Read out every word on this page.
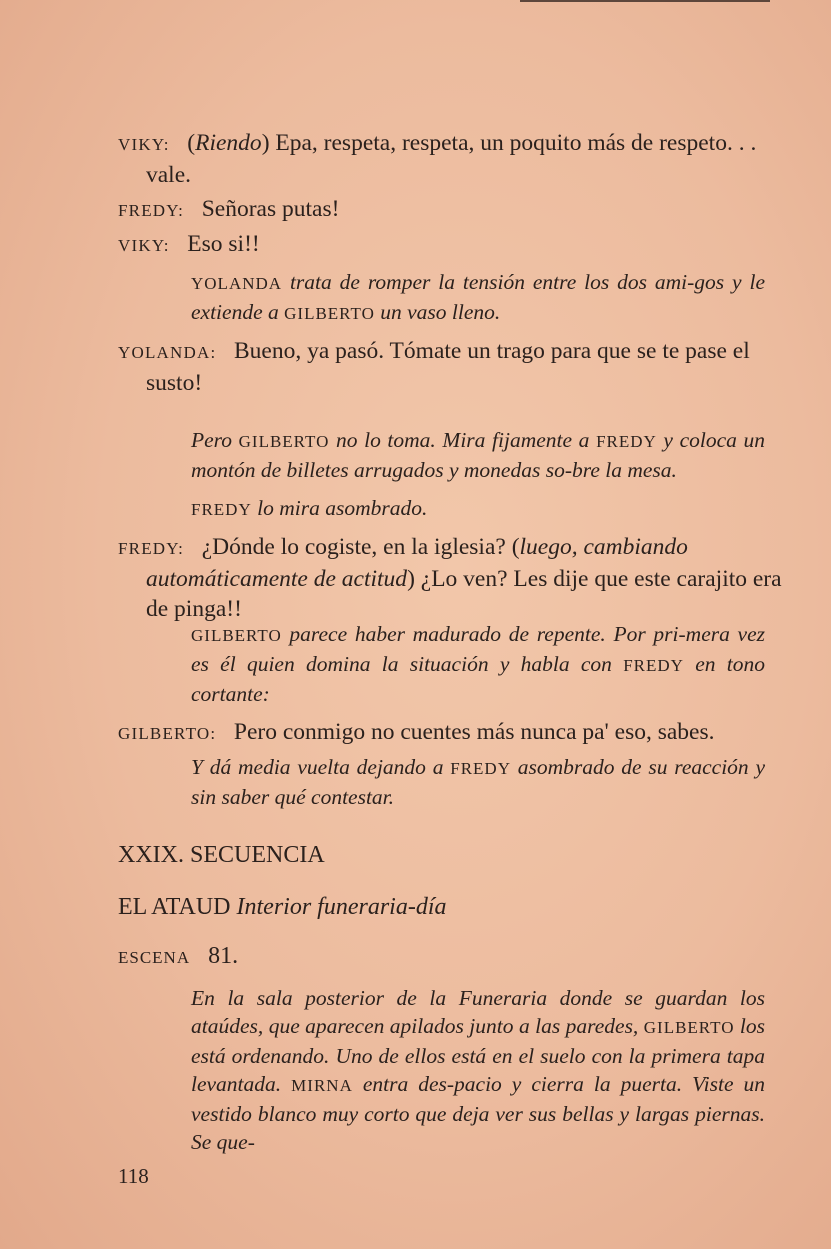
VIKY: (Riendo) Epa, respeta, respeta, un poquito más de respeto. . . vale.

FREDY: Señoras putas!

VIKY: Eso si!!

YOLANDA trata de romper la tensión entre los dos ami-gos y le extiende a GILBERTO un vaso lleno.

YOLANDA: Bueno, ya pasó. Tómate un trago para que se te pase el susto!

Pero GILBERTO no lo toma. Mira fijamente a FREDY y coloca un montón de billetes arrugados y monedas so-bre la mesa.

FREDY lo mira asombrado.

FREDY: ¿Dónde lo cogiste, en la iglesia? (luego, cambiando automáticamente de actitud) ¿Lo ven? Les dije que este carajito era de pinga!!

GILBERTO parece haber madurado de repente. Por pri-mera vez es él quien domina la situación y habla con FREDY en tono cortante:

GILBERTO: Pero conmigo no cuentes más nunca pa' eso, sabes.

Y dá media vuelta dejando a FREDY asombrado de su reacción y sin saber qué contestar.

XXIX. SECUENCIA

EL ATAUD Interior funeraria-día

ESCENA 81.

En la sala posterior de la Funeraria donde se guardan los ataúdes, que aparecen apilados junto a las paredes, GILBERTO los está ordenando. Uno de ellos está en el suelo con la primera tapa levantada. MIRNA entra des-pacio y cierra la puerta. Viste un vestido blanco muy corto que deja ver sus bellas y largas piernas. Se que-

118
